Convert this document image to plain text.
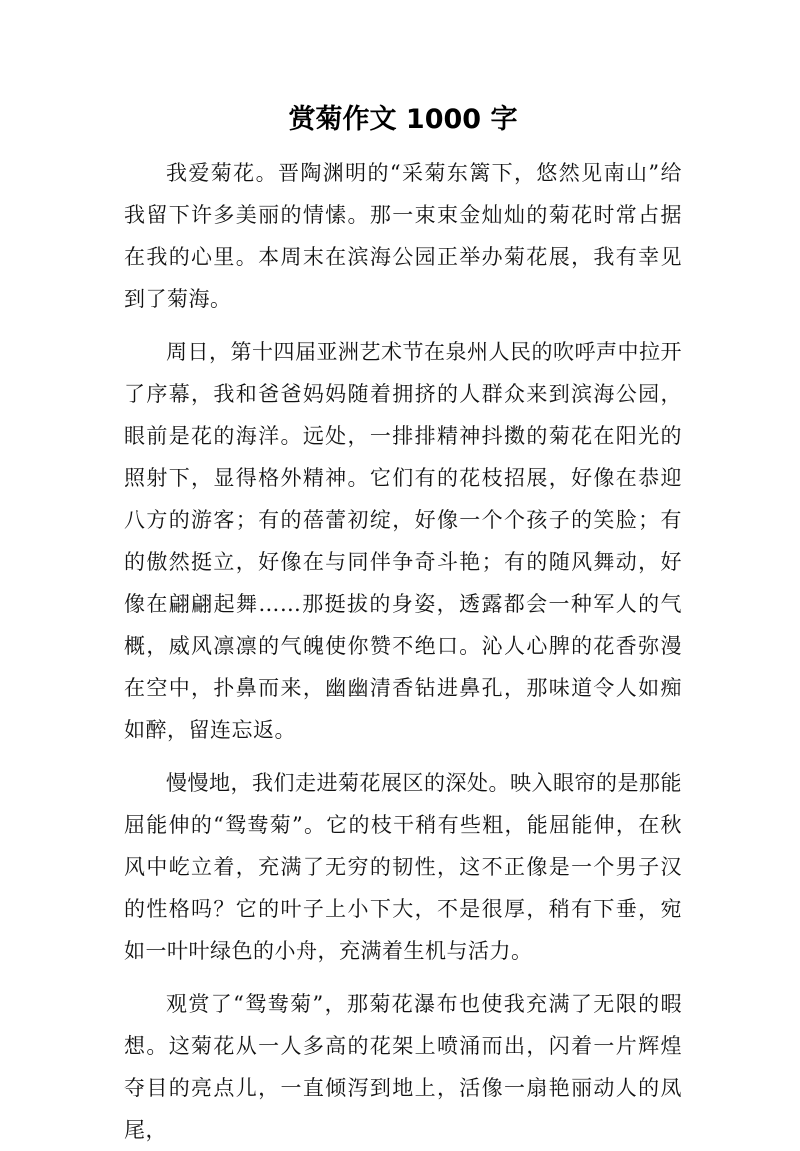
赏菊作文 1000 字

我爱菊花。晋陶渊明的“采菊东篱下，悠然见南山”给我留下许多美丽的情愫。那一束束金灿灿的菊花时常占据在我的心里。本周末在滨海公园正举办菊花展，我有幸见到了菊海。

周日，第十四届亚洲艺术节在泉州人民的吹呼声中拉开了序幕，我和爸爸妈妈随着拥挤的人群众来到滨海公园，眼前是花的海洋。远处，一排排精神抖擞的菊花在阳光的照射下，显得格外精神。它们有的花枝招展，好像在恭迎八方的游客；有的蓓蕾初绽，好像一个个孩子的笑脸；有的傲然挺立，好像在与同伴争奇斗艳；有的随风舞动，好像在翩翩起舞……那挺拔的身姿，透露都会一种军人的气概，威风凛凛的气魄使你赞不绝口。沁人心脾的花香弥漫在空中，扑鼻而来，幽幽清香钻进鼻孔，那味道令人如痴如醉，留连忘返。

慢慢地，我们走进菊花展区的深处。映入眼帘的是那能屈能伸的“鸳鸯菊”。它的枝干稍有些粗，能屈能伸，在秋风中屹立着，充满了无穷的韧性，这不正像是一个男子汉的性格吗？它的叶子上小下大，不是很厚，稍有下垂，宛如一叶叶绿色的小舟，充满着生机与活力。

观赏了“鸳鸯菊”，那菊花瀑布也使我充满了无限的暇想。这菊花从一人多高的花架上喷涌而出，闪着一片辉煌夺目的亮点儿，一直倾泻到地上，活像一扇艳丽动人的凤尾，
